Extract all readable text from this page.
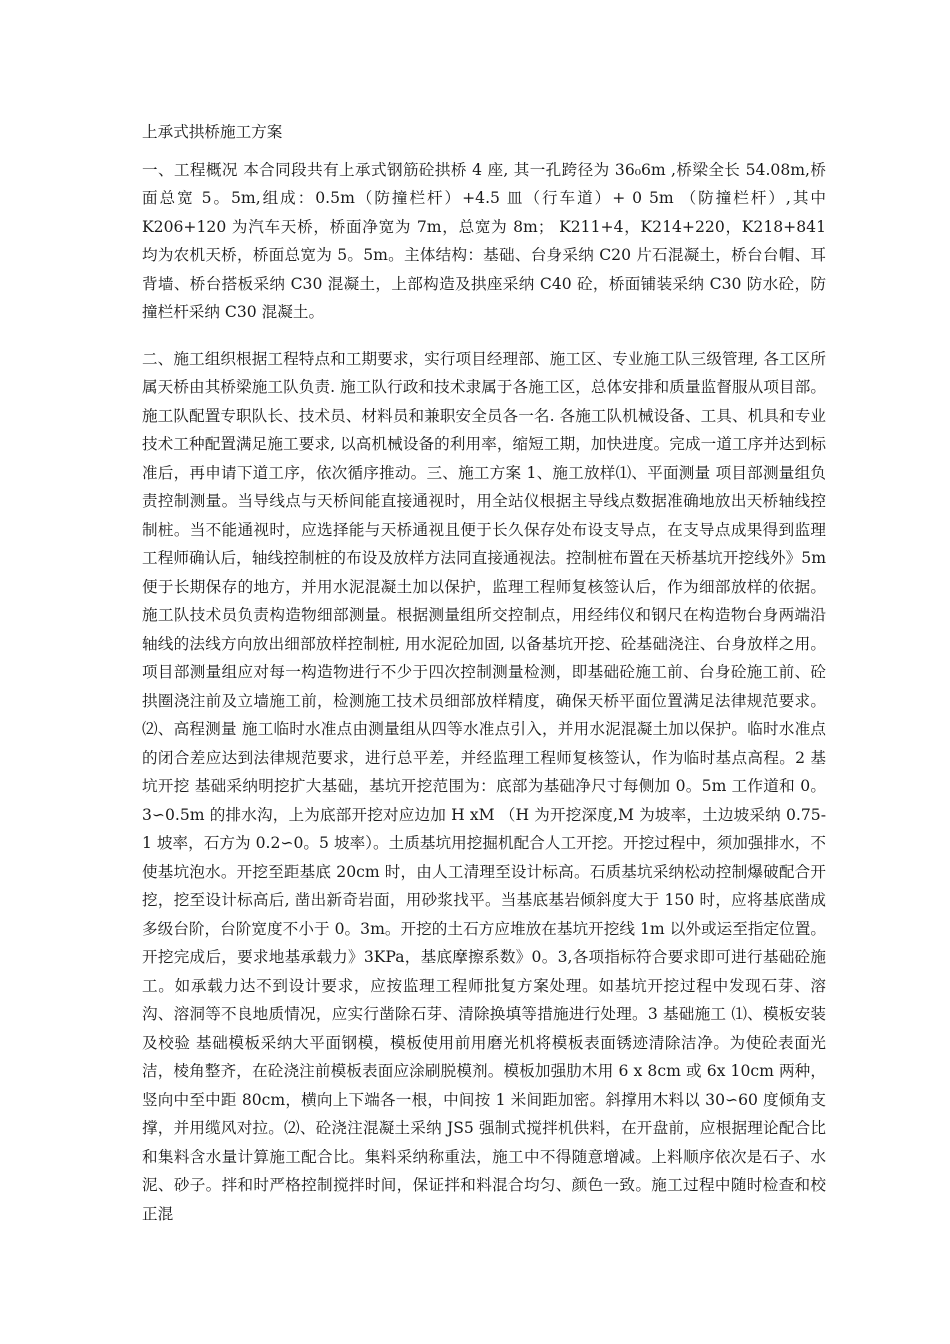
上承式拱桥施工方案

一、工程概况 本合同段共有上承式钢筋砼拱桥 4 座, 其一孔跨径为 36₀6m ,桥梁全长 54.08m,桥面总宽 5。5m,组成：0.5m（防撞栏杆）+4.5 皿（行车道）+ 0 5m （防撞栏杆）,其中 K206+120 为汽车天桥，桥面净宽为 7m，总宽为 8m； K211+4，K214+220，K218+841 均为农机天桥，桥面总宽为 5。5m。主体结构：基础、台身采纳 C20 片石混凝土，桥台台帽、耳背墙、桥台搭板采纳 C30 混凝土，上部构造及拱座采纳 C40 砼，桥面铺装采纳 C30 防水砼，防撞栏杆采纳 C30 混凝土。

二、施工组织根据工程特点和工期要求，实行项目经理部、施工区、专业施工队三级管理, 各工区所属天桥由其桥梁施工队负责. 施工队行政和技术隶属于各施工区，总体安排和质量监督服从项目部。施工队配置专职队长、技术员、材料员和兼职安全员各一名. 各施工队机械设备、工具、机具和专业技术工种配置满足施工要求, 以高机械设备的利用率，缩短工期，加快进度。完成一道工序并达到标准后，再申请下道工序，依次循序推动。三、施工方案 1、施工放样⑴、平面测量 项目部测量组负责控制测量。当导线点与天桥间能直接通视时，用全站仪根据主导线点数据准确地放出天桥轴线控制桩。当不能通视时，应选择能与天桥通视且便于长久保存处布设支导点，在支导点成果得到监理工程师确认后，轴线控制桩的布设及放样方法同直接通视法。控制桩布置在天桥基坑开挖线外》5m 便于长期保存的地方，并用水泥混凝土加以保护，监理工程师复核签认后，作为细部放样的依据。施工队技术员负责构造物细部测量。根据测量组所交控制点，用经纬仪和钢尺在构造物台身两端沿轴线的法线方向放出细部放样控制桩, 用水泥砼加固, 以备基坑开挖、砼基础浇注、台身放样之用。项目部测量组应对每一构造物进行不少于四次控制测量检测，即基础砼施工前、台身砼施工前、砼拱圈浇注前及立墙施工前，检测施工技术员细部放样精度，确保天桥平面位置满足法律规范要求。⑵、高程测量 施工临时水准点由测量组从四等水准点引入，并用水泥混凝土加以保护。临时水准点的闭合差应达到法律规范要求，进行总平差，并经监理工程师复核签认，作为临时基点高程。2 基坑开挖 基础采纳明挖扩大基础，基坑开挖范围为：底部为基础净尺寸每侧加 0。5m 工作道和 0。3∽0.5m 的排水沟，上为底部开挖对应边加 H xM （H 为开挖深度,M 为坡率，土边坡采纳 0.75- 1 坡率，石方为 0.2∽0。5 坡率）。土质基坑用挖掘机配合人工开挖。开挖过程中，须加强排水，不使基坑泡水。开挖至距基底 20cm 时，由人工清理至设计标高。石质基坑采纳松动控制爆破配合开挖，挖至设计标高后, 凿出新奇岩面，用砂浆找平。当基底基岩倾斜度大于 150 时，应将基底凿成多级台阶，台阶宽度不小于 0。3m。开挖的土石方应堆放在基坑开挖线 1m 以外或运至指定位置。开挖完成后，要求地基承载力》3KPa，基底摩擦系数》0。3,各项指标符合要求即可进行基础砼施工。如承载力达不到设计要求，应按监理工程师批复方案处理。如基坑开挖过程中发现石芽、溶沟、溶洞等不良地质情况，应实行凿除石芽、清除换填等措施进行处理。3 基础施工 ⑴、模板安装及校验 基础模板采纳大平面钢模，模板使用前用磨光机将模板表面锈迹清除洁净。为使砼表面光洁，棱角整齐，在砼浇注前模板表面应涂刷脱模剂。模板加强肋木用 6 x 8cm 或 6x 10cm 两种，竖向中至中距 80cm，横向上下端各一根，中间按 1 米间距加密。斜撑用木料以 30∽60 度倾角支撑，并用缆风对拉。⑵、砼浇注混凝土采纳 JS5 强制式搅拌机供料，在开盘前，应根据理论配合比和集料含水量计算施工配合比。集料采纳称重法，施工中不得随意增减。上料顺序依次是石子、水泥、砂子。拌和时严格控制搅拌时间，保证拌和料混合均匀、颜色一致。施工过程中随时检查和校正混
